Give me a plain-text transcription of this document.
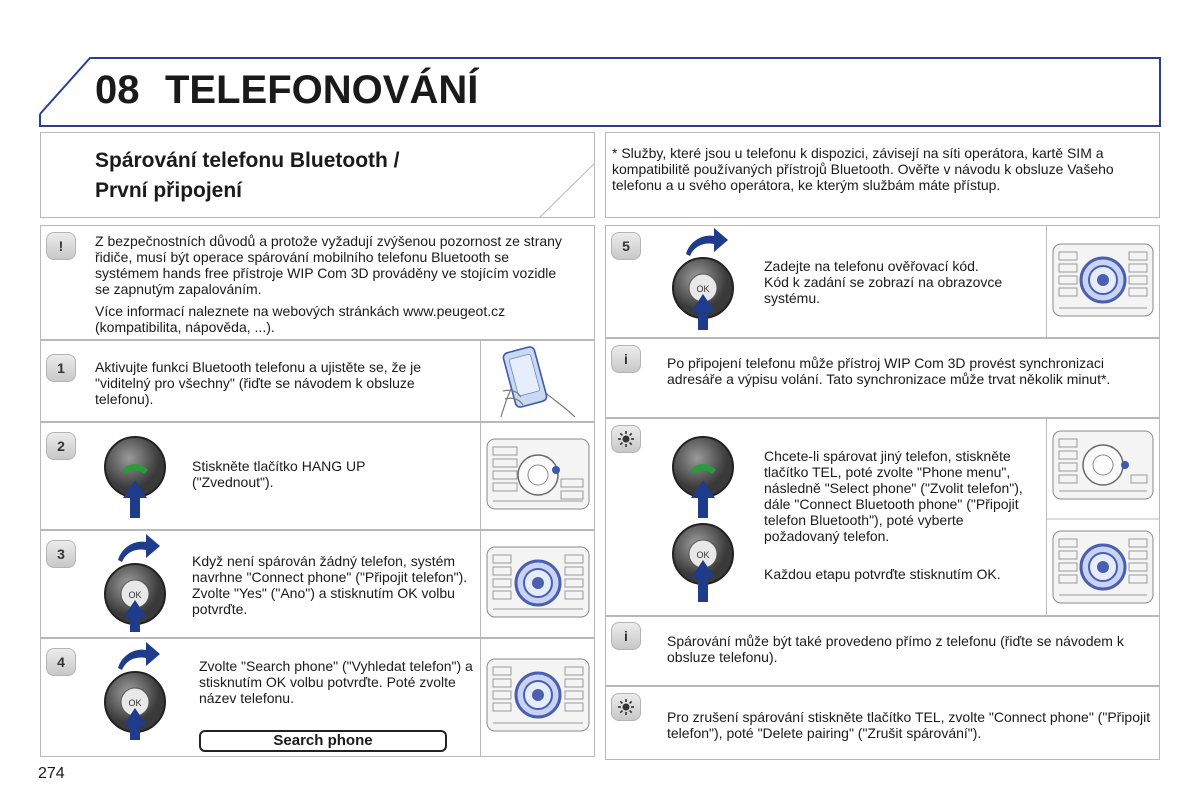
08 TELEFONOVÁNÍ
Spárování telefonu Bluetooth /
První připojení
* Služby, které jsou u telefonu k dispozici, závisejí na síti operátora, kartě SIM a kompatibilitě používaných přístrojů Bluetooth. Ověřte v návodu k obsluze Vašeho telefonu a u svého operátora, ke kterým službám máte přístup.
!	Z bezpečnostních důvodů a protože vyžadují zvýšenou pozornost ze strany řidiče, musí být operace spárování mobilního telefonu Bluetooth se systémem hands free přístroje WIP Com 3D prováděny ve stojícím vozidle se zapnutým zapalováním.
Více informací naleznete na webových stránkách www.peugeot.cz (kompatibilita, nápověda, ...).
1	Aktivujte funkci Bluetooth telefonu a ujistěte se, že je "viditelný pro všechny" (řiďte se návodem k obsluze telefonu).
2
Stiskněte tlačítko HANG UP ("Zvednout").
3
OK
Když není spárován žádný telefon, systém navrhne "Connect phone" ("Připojit telefon"). Zvolte "Yes" ("Ano") a stisknutím OK volbu potvrďte.
4
OK
Zvolte "Search phone" ("Vyhledat telefon") a stisknutím OK volbu potvrďte. Poté zvolte název telefonu.
Search phone
5
OK
Zadejte na telefonu ověřovací kód. Kód k zadání se zobrazí na obrazovce systému.
i	Po připojení telefonu může přístroj WIP Com 3D provést synchronizaci adresáře a výpisu volání. Tato synchronizace může trvat několik minut*.
OK
Chcete-li spárovat jiný telefon, stiskněte tlačítko TEL, poté zvolte "Phone menu", následně "Select phone" ("Zvolit telefon"), dále "Connect Bluetooth phone" ("Připojit telefon Bluetooth"), poté vyberte požadovaný telefon.
Každou etapu potvrďte stisknutím OK.
i	Spárování může být také provedeno přímo z telefonu (řiďte se návodem k obsluze telefonu).
Pro zrušení spárování stiskněte tlačítko TEL, zvolte "Connect phone" ("Připojit telefon"), poté "Delete pairing" ("Zrušit spárování").
274
